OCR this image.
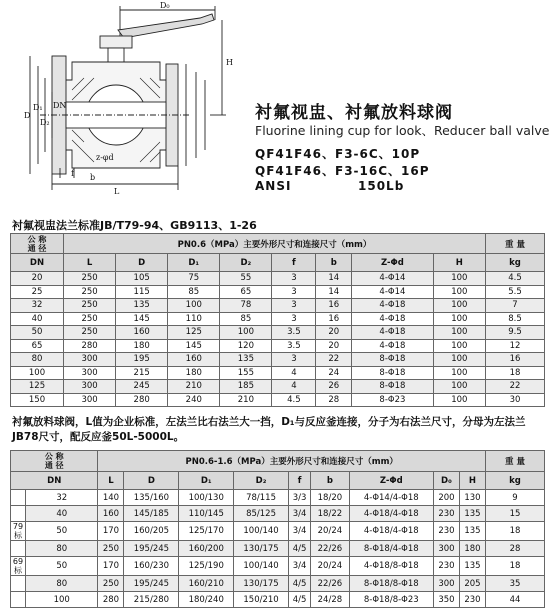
D₀
H
D
D₁
D₂
DN
f b
L
z-φd
衬氟视盅、衬氟放料球阀
Fluorine lining cup for look、Reducer ball valve
QF41F46、F3-6C、10P
QF41F46、F3-16C、16P
ANSI	150Lb
衬氟视盅法兰标准JB/T79-94、GB9113、1-26
公 称
通 径	PN0.6（MPa）主要外形尺寸和连接尺寸（mm）								重 量
DN	L	D	D₁	D₂	f	b	Z-Φd	H	kg
20	250	105	75	55	3	14	4-Φ14	100	4.5
25	250	115	85	65	3	14	4-Φ14	100	5.5
32	250	135	100	78	3	16	4-Φ18	100	7
40	250	145	110	85	3	16	4-Φ18	100	8.5
50	250	160	125	100	3.5	20	4-Φ18	100	9.5
65	280	180	145	120	3.5	20	4-Φ18	100	12
80	300	195	160	135	3	22	8-Φ18	100	16
100	300	215	180	155	4	24	8-Φ18	100	18
125	300	245	210	185	4	26	8-Φ18	100	22
150	300	280	240	210	4.5	28	8-Φ23	100	30
衬氟放料球阀，L值为企业标准，左法兰比右法兰大一挡，D₁与反应釜连接，分子为右法兰尺寸，分母为左法兰JB78尺寸，配反应釜50L-5000L。
公 称
通 径		PN0.6-1.6（MPa）主要外形尺寸和连接尺寸（mm）									重 量
DN		L	D	D₁	D₂	f	b	Z-Φd	D₀	H	kg
	32	140	135/160	100/130	78/115	3/3	18/20	4-Φ14/4-Φ18	200	130	9
	40	160	145/185	110/145	85/125	3/4	18/22	4-Φ18/4-Φ18	230	135	15
79标	50	170	160/205	125/170	100/140	3/4	20/24	4-Φ18/4-Φ18	230	135	18
	80	250	195/245	160/200	130/175	4/5	22/26	8-Φ18/4-Φ18	300	180	28
69标	50	170	160/230	125/190	100/140	3/4	20/24	4-Φ18/8-Φ18	230	135	18
	80	250	195/245	160/210	130/175	4/5	22/26	8-Φ18/8-Φ18	300	205	35
	100	280	215/280	180/240	150/210	4/5	24/28	8-Φ18/8-Φ23	350	230	44
